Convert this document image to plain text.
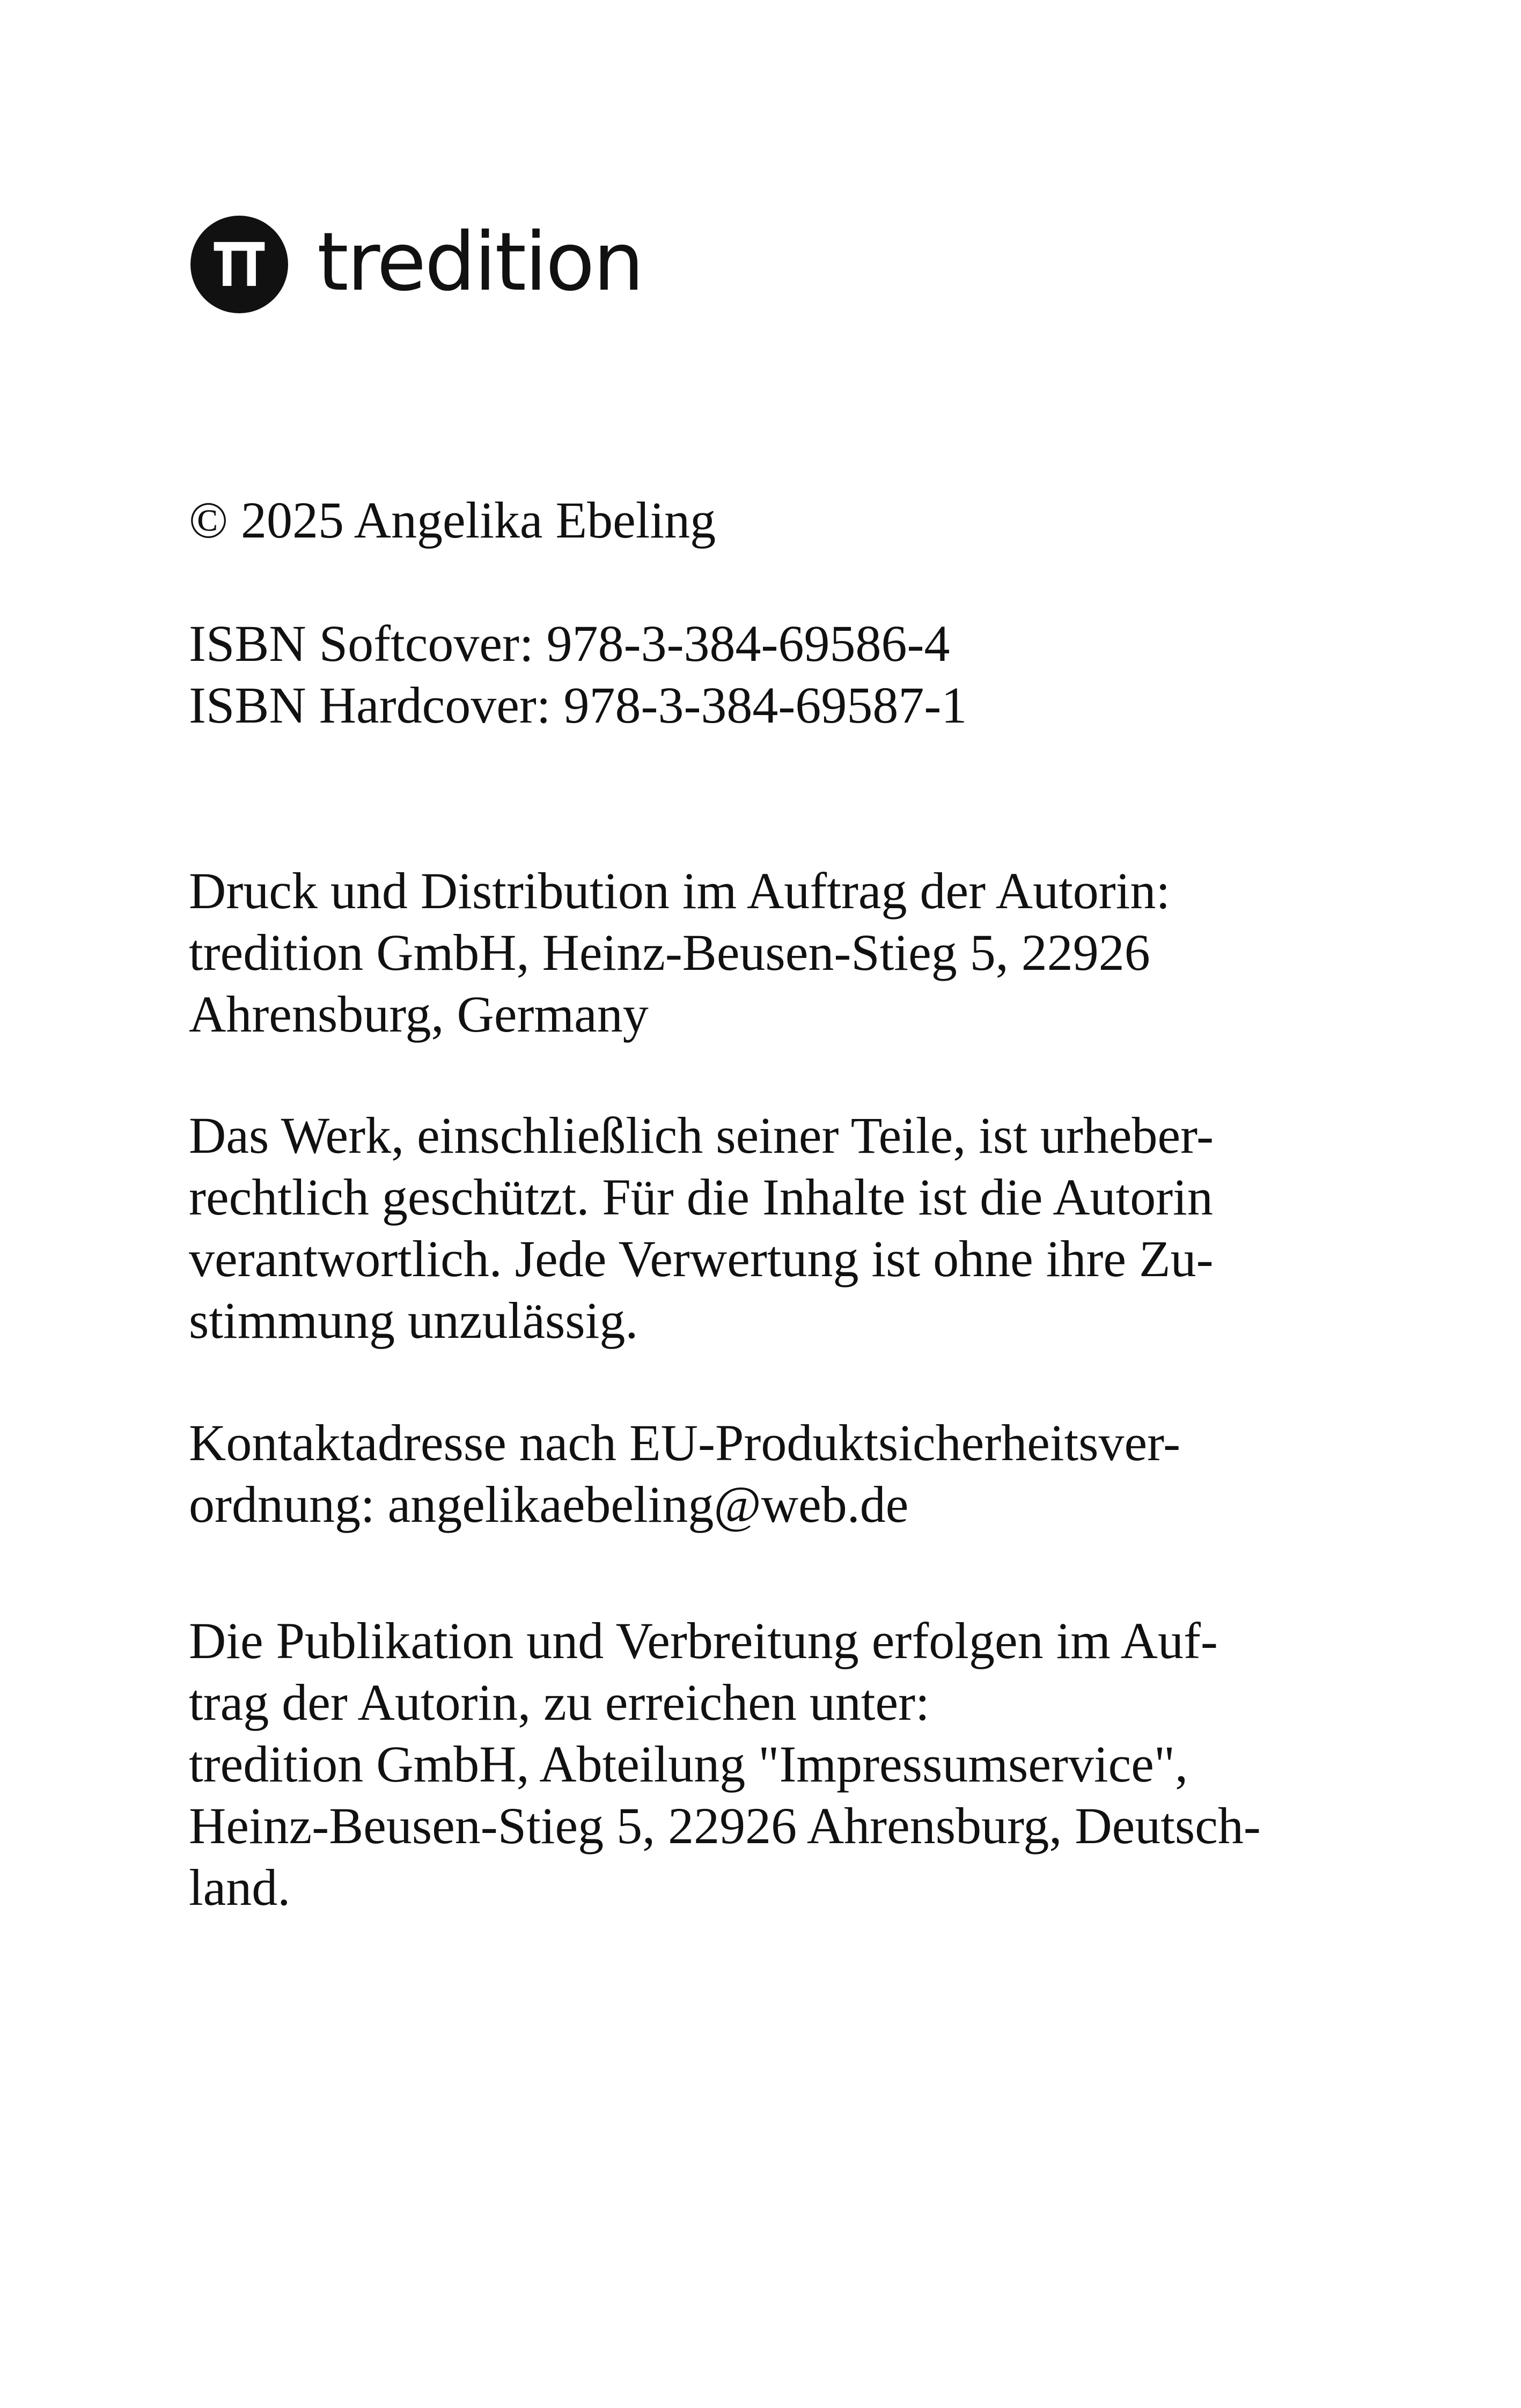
tredition

© 2025 Angelika Ebeling

ISBN Softcover: 978-3-384-69586-4
ISBN Hardcover: 978-3-384-69587-1

Druck und Distribution im Auftrag der Autorin:
tredition GmbH, Heinz-Beusen-Stieg 5, 22926
Ahrensburg, Germany

Das Werk, einschließlich seiner Teile, ist urheber-
rechtlich geschützt. Für die Inhalte ist die Autorin
verantwortlich. Jede Verwertung ist ohne ihre Zu-
stimmung unzulässig.

Kontaktadresse nach EU-Produktsicherheitsver-
ordnung: angelikaebeling@web.de

Die Publikation und Verbreitung erfolgen im Auf-
trag der Autorin, zu erreichen unter:
tredition GmbH, Abteilung "Impressumservice",
Heinz-Beusen-Stieg 5, 22926 Ahrensburg, Deutsch-
land.
